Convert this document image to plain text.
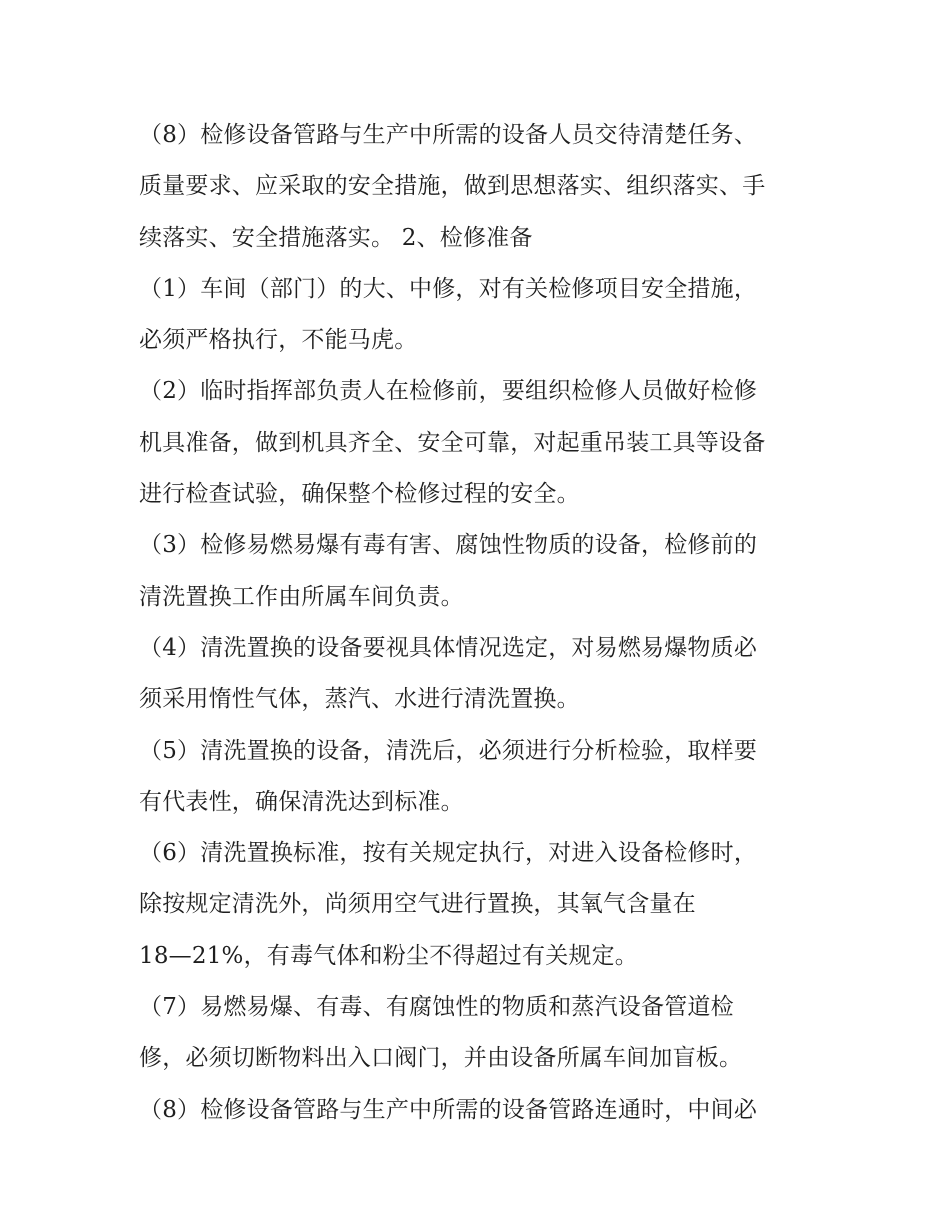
（8）检修设备管路与生产中所需的设备人员交待清楚任务、
质量要求、应采取的安全措施，做到思想落实、组织落实、手
续落实、安全措施落实。 2、检修准备
（1）车间（部门）的大、中修，对有关检修项目安全措施，
必须严格执行，不能马虎。
（2）临时指挥部负责人在检修前，要组织检修人员做好检修
机具准备，做到机具齐全、安全可靠，对起重吊装工具等设备
进行检查试验，确保整个检修过程的安全。
（3）检修易燃易爆有毒有害、腐蚀性物质的设备，检修前的
清洗置换工作由所属车间负责。
（4）清洗置换的设备要视具体情况选定，对易燃易爆物质必
须采用惰性气体，蒸汽、水进行清洗置换。
（5）清洗置换的设备，清洗后，必须进行分析检验，取样要
有代表性，确保清洗达到标准。
（6）清洗置换标准，按有关规定执行，对进入设备检修时，
除按规定清洗外，尚须用空气进行置换，其氧气含量在
18—21%，有毒气体和粉尘不得超过有关规定。
（7）易燃易爆、有毒、有腐蚀性的物质和蒸汽设备管道检
修，必须切断物料出入口阀门，并由设备所属车间加盲板。
（8）检修设备管路与生产中所需的设备管路连通时，中间必
